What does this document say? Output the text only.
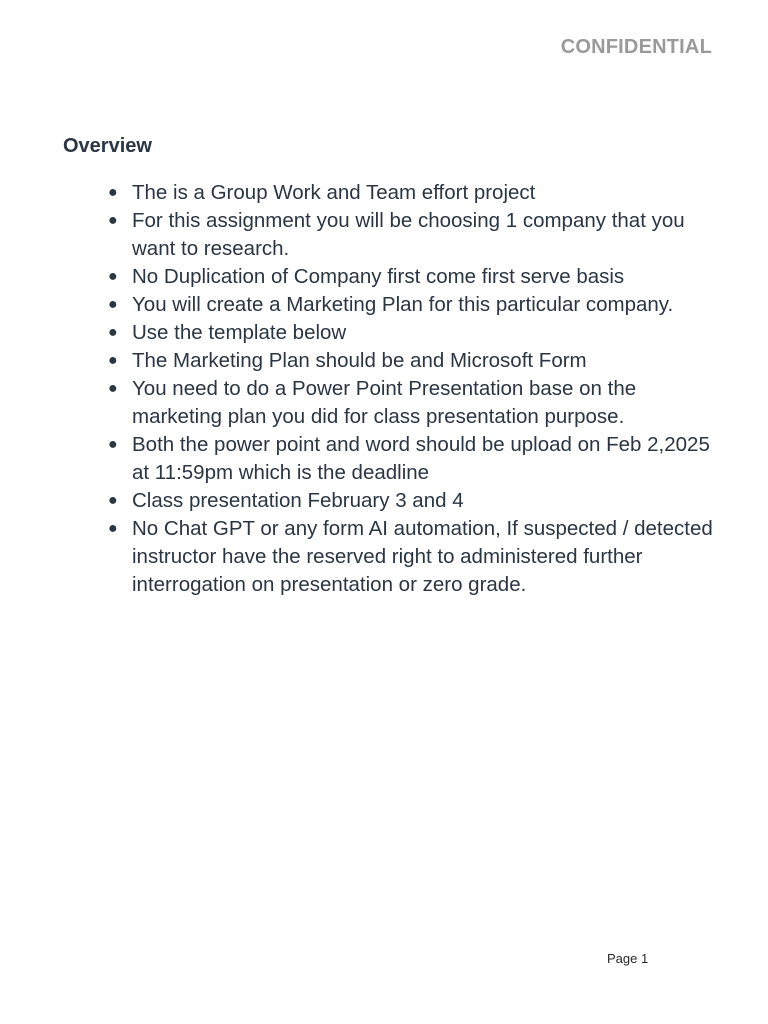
CONFIDENTIAL
Overview
● The is a Group Work and Team effort project
● For this assignment you will be choosing 1 company that you want to research.
● No Duplication of Company first come first serve basis
● You will create a Marketing Plan for this particular company.
● Use the template below
● The Marketing Plan should be and Microsoft Form
● You need to do a Power Point Presentation base on the marketing plan you did for class presentation purpose.
● Both the power point and word should be upload on Feb 2,2025 at 11:59pm which is the deadline
● Class presentation February 3 and 4
● No Chat GPT or any form AI automation, If suspected / detected instructor have the reserved right to administered further interrogation on presentation or zero grade.
Page 1
